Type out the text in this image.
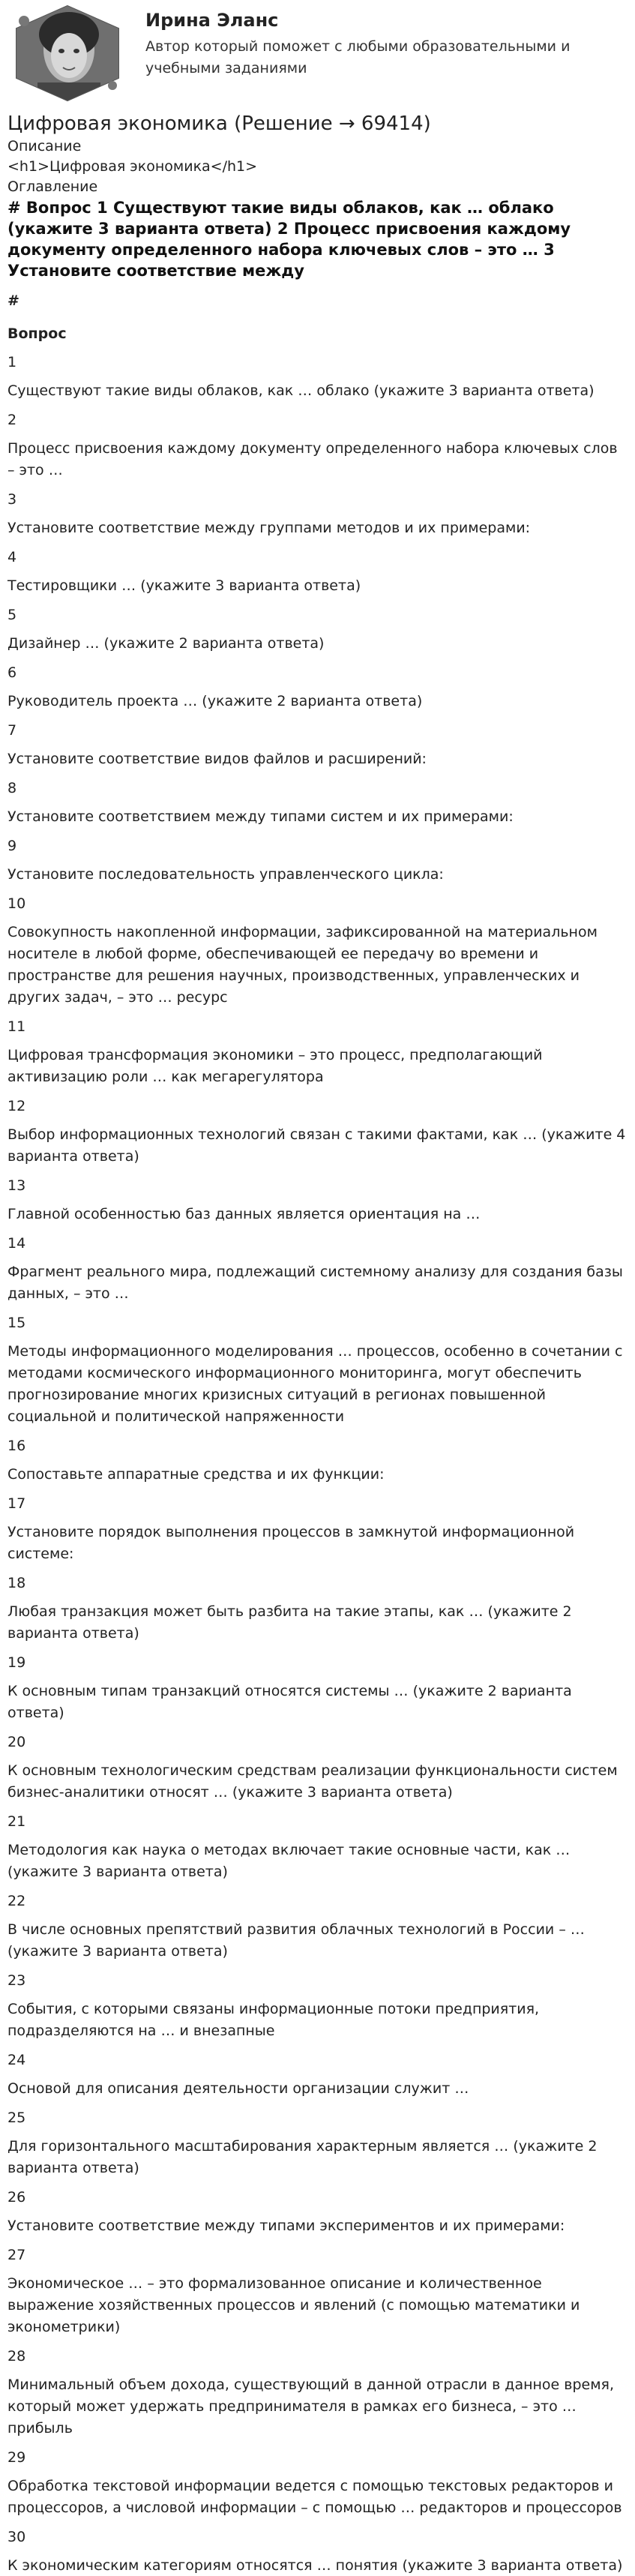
Ирина Эланс
Автор который поможет с любыми образовательными и учебными заданиями
Цифровая экономика (Решение → 69414)
Описание
<h1>Цифровая экономика</h1>
Оглавление
# Вопрос 1 Существуют такие виды облаков, как … облако (укажите 3 варианта ответа) 2 Процесс присвоения каждому документу определенного набора ключевых слов – это … 3 Установите соответствие между
#
Вопрос
1
Существуют такие виды облаков, как … облако (укажите 3 варианта ответа)
2
Процесс присвоения каждому документу определенного набора ключевых слов – это …
3
Установите соответствие между группами методов и их примерами:
4
Тестировщики … (укажите 3 варианта ответа)
5
Дизайнер … (укажите 2 варианта ответа)
6
Руководитель проекта … (укажите 2 варианта ответа)
7
Установите соответствие видов файлов и расширений:
8
Установите соответствием между типами систем и их примерами:
9
Установите последовательность управленческого цикла:
10
Совокупность накопленной информации, зафиксированной на материальном носителе в любой форме, обеспечивающей ее передачу во времени и пространстве для решения научных, производственных, управленческих и других задач, – это … ресурс
11
Цифровая трансформация экономики – это процесс, предполагающий активизацию роли … как мегарегулятора
12
Выбор информационных технологий связан с такими фактами, как … (укажите 4 варианта ответа)
13
Главной особенностью баз данных является ориентация на …
14
Фрагмент реального мира, подлежащий системному анализу для создания базы данных, – это …
15
Методы информационного моделирования … процессов, особенно в сочетании с методами космического информационного мониторинга, могут обеспечить прогнозирование многих кризисных ситуаций в регионах повышенной социальной и политической напряженности
16
Сопоставьте аппаратные средства и их функции:
17
Установите порядок выполнения процессов в замкнутой информационной системе:
18
Любая транзакция может быть разбита на такие этапы, как … (укажите 2 варианта ответа)
19
К основным типам транзакций относятся системы … (укажите 2 варианта ответа)
20
К основным технологическим средствам реализации функциональности систем бизнес-аналитики относят … (укажите 3 варианта ответа)
21
Методология как наука о методах включает такие основные части, как … (укажите 3 варианта ответа)
22
В числе основных препятствий развития облачных технологий в России – … (укажите 3 варианта ответа)
23
События, с которыми связаны информационные потоки предприятия, подразделяются на … и внезапные
24
Основой для описания деятельности организации служит …
25
Для горизонтального масштабирования характерным является … (укажите 2 варианта ответа)
26
Установите соответствие между типами экспериментов и их примерами:
27
Экономическое … – это формализованное описание и количественное выражение хозяйственных процессов и явлений (с помощью математики и эконометрики)
28
Минимальный объем дохода, существующий в данной отрасли в данное время, который может удержать предпринимателя в рамках его бизнеса, – это … прибыль
29
Обработка текстовой информации ведется с помощью текстовых редакторов и процессоров, а числовой информации – с помощью … редакторов и процессоров
30
К экономическим категориям относятся … понятия (укажите 3 варианта ответа)
